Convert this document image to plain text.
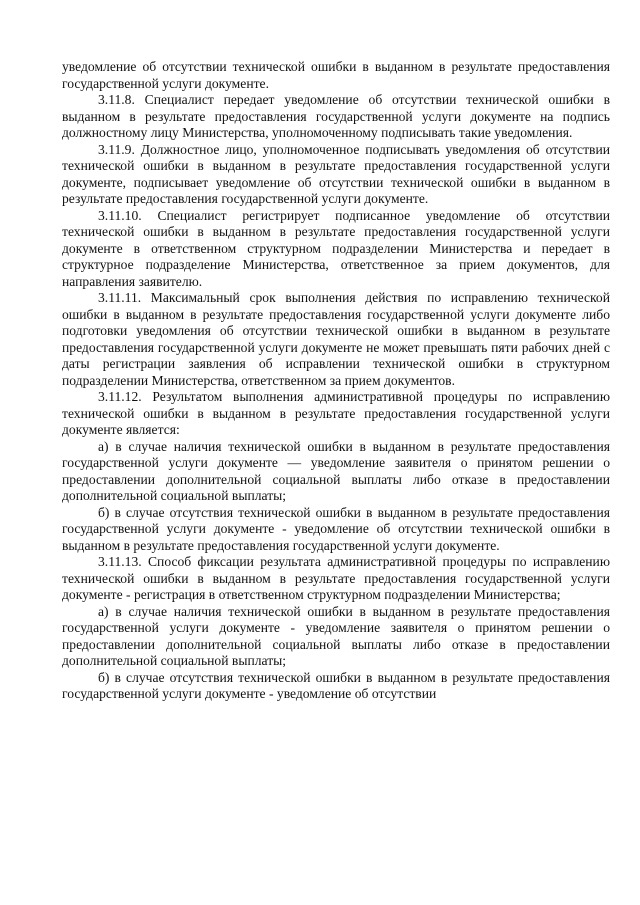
уведомление об отсутствии технической ошибки в выданном в результате предоставления государственной услуги документе.

3.11.8. Специалист передает уведомление об отсутствии технической ошибки в выданном в результате предоставления государственной услуги документе на подпись должностному лицу Министерства, уполномоченному подписывать такие уведомления.

3.11.9. Должностное лицо, уполномоченное подписывать уведомления об отсутствии технической ошибки в выданном в результате предоставления государственной услуги документе, подписывает уведомление об отсутствии технической ошибки в выданном в результате предоставления государственной услуги документе.

3.11.10. Специалист регистрирует подписанное уведомление об отсутствии технической ошибки в выданном в результате предоставления государственной услуги документе в ответственном структурном подразделении Министерства и передает в структурное подразделение Министерства, ответственное за прием документов, для направления заявителю.

3.11.11. Максимальный срок выполнения действия по исправлению технической ошибки в выданном в результате предоставления государственной услуги документе либо подготовки уведомления об отсутствии технической ошибки в выданном в результате предоставления государственной услуги документе не может превышать пяти рабочих дней с даты регистрации заявления об исправлении технической ошибки в структурном подразделении Министерства, ответственном за прием документов.

3.11.12. Результатом выполнения административной процедуры по исправлению технической ошибки в выданном в результате предоставления государственной услуги документе является:

а) в случае наличия технической ошибки в выданном в результате предоставления государственной услуги документе — уведомление заявителя о принятом решении о предоставлении дополнительной социальной выплаты либо отказе в предоставлении дополнительной социальной выплаты;

б) в случае отсутствия технической ошибки в выданном в результате предоставления государственной услуги документе - уведомление об отсутствии технической ошибки в выданном в результате предоставления государственной услуги документе.

3.11.13. Способ фиксации результата административной процедуры по исправлению технической ошибки в выданном в результате предоставления государственной услуги документе - регистрация в ответственном структурном подразделении Министерства;

а) в случае наличия технической ошибки в выданном в результате предоставления государственной услуги документе - уведомление заявителя о принятом решении о предоставлении дополнительной социальной выплаты либо отказе в предоставлении дополнительной социальной выплаты;

б) в случае отсутствия технической ошибки в выданном в результате предоставления государственной услуги документе - уведомление об отсутствии
